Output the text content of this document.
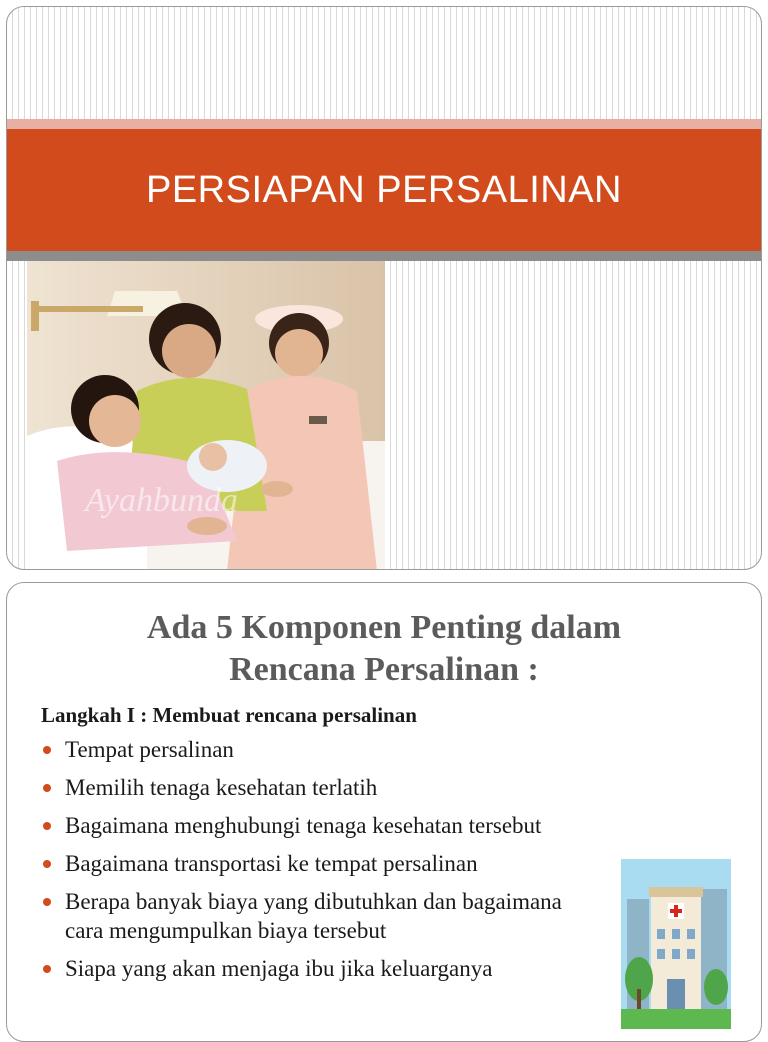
PERSIAPAN PERSALINAN
Ayahbunda
Ada 5 Komponen Penting dalam
Rencana Persalinan :
Langkah I : Membuat rencana persalinan
Tempat persalinan
Memilih tenaga kesehatan terlatih
Bagaimana menghubungi tenaga kesehatan tersebut
Bagaimana transportasi ke tempat persalinan
Berapa banyak biaya yang dibutuhkan dan bagaimana cara mengumpulkan biaya tersebut
Siapa yang akan menjaga ibu jika keluarganya
